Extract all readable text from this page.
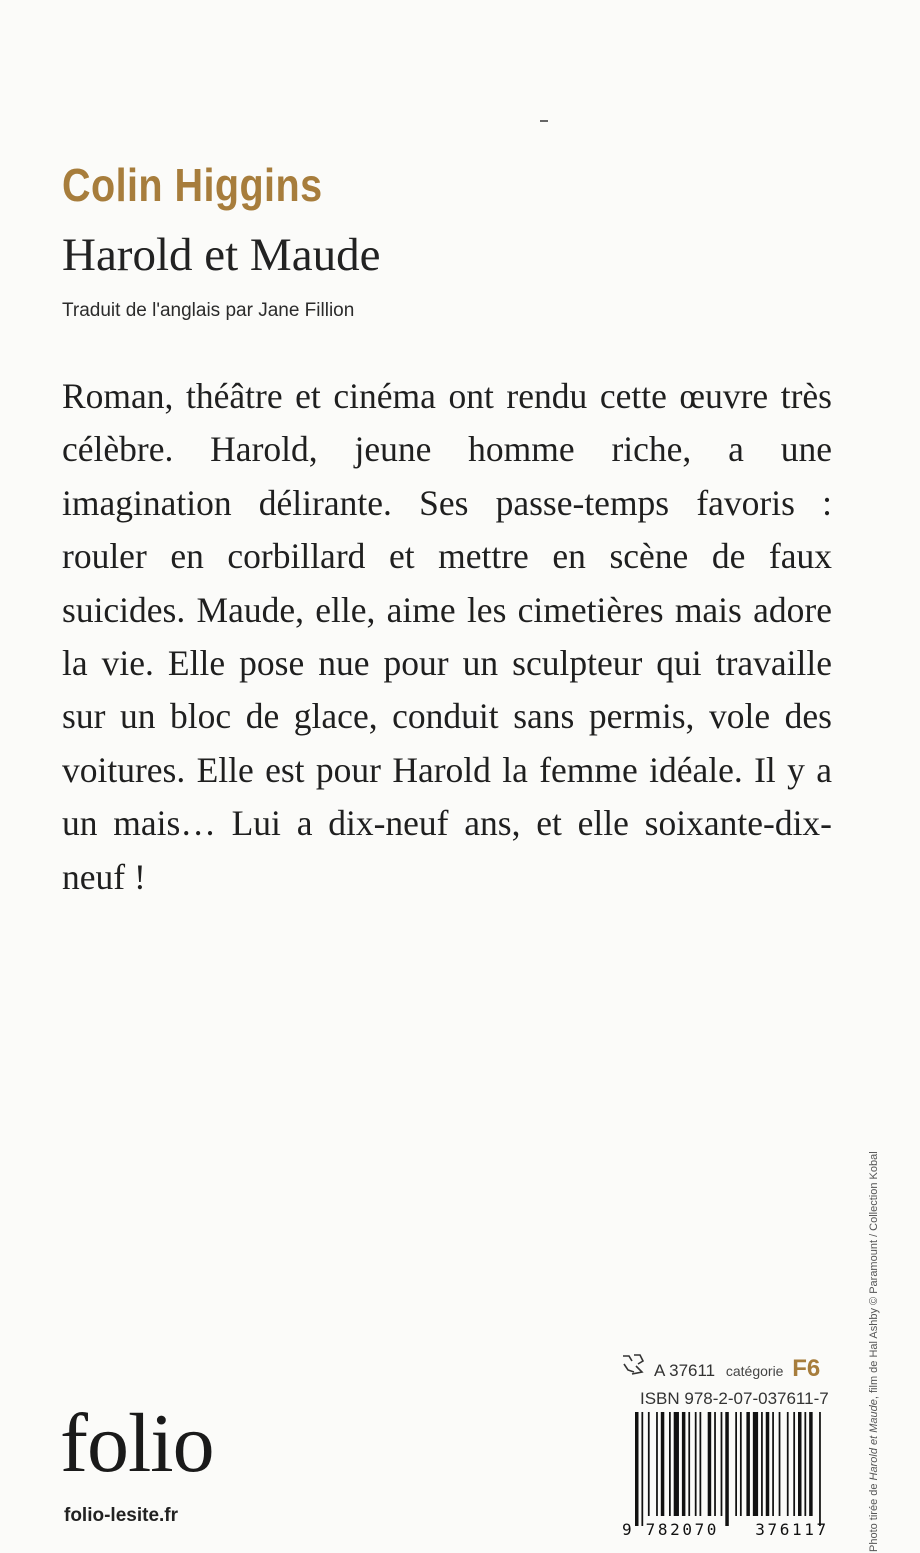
Colin Higgins
Harold et Maude
Traduit de l'anglais par Jane Fillion
Roman, théâtre et cinéma ont rendu cette œuvre très célèbre. Harold, jeune homme riche, a une imagination délirante. Ses passe-temps favoris : rouler en corbillard et mettre en scène de faux suicides. Maude, elle, aime les cimetières mais adore la vie. Elle pose nue pour un sculpteur qui travaille sur un bloc de glace, conduit sans permis, vole des voitures. Elle est pour Harold la femme idéale. Il y a un mais… Lui a dix-neuf ans, et elle soixante-dix-neuf !
Photo tirée de Harold et Maude, film de Hal Ashby © Paramount / Collection Kobal
folio
folio-lesite.fr
A 37611 catégorie F6
ISBN 978-2-07-037611-7
9 782070 376117
